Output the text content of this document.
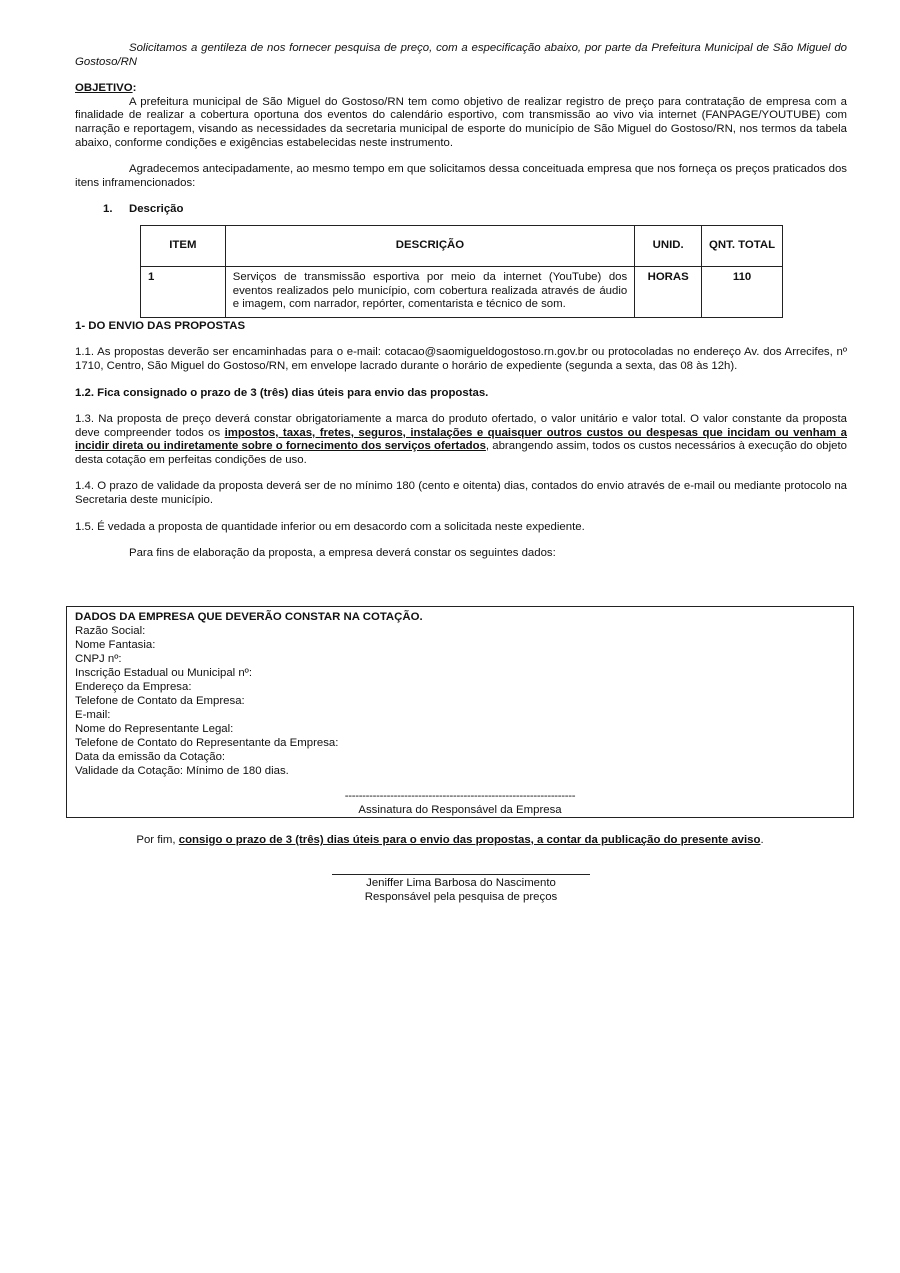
Solicitamos a gentileza de nos fornecer pesquisa de preço, com a especificação abaixo, por parte da Prefeitura Municipal de São Miguel do Gostoso/RN

OBJETIVO:

A prefeitura municipal de São Miguel do Gostoso/RN tem como objetivo de realizar registro de preço para contratação de empresa com a finalidade de realizar a cobertura oportuna dos eventos do calendário esportivo, com transmissão ao vivo via internet (FANPAGE/YOUTUBE) com narração e reportagem, visando as necessidades da secretaria municipal de esporte do município de São Miguel do Gostoso/RN, nos termos da tabela abaixo, conforme condições e exigências estabelecidas neste instrumento.

Agradecemos antecipadamente, ao mesmo tempo em que solicitamos dessa conceituada empresa que nos forneça os preços praticados dos itens inframencionados:

1. Descrição

ITEM	DESCRIÇÃO	UNID.	QNT. TOTAL
1	Serviços de transmissão esportiva por meio da internet (YouTube) dos eventos realizados pelo município, com cobertura realizada através de áudio e imagem, com narrador, repórter, comentarista e técnico de som.	HORAS	110

1- DO ENVIO DAS PROPOSTAS

1.1. As propostas deverão ser encaminhadas para o e-mail: cotacao@saomigueldogostoso.rn.gov.br ou protocoladas no endereço Av. dos Arrecifes, nº 1710, Centro, São Miguel do Gostoso/RN, em envelope lacrado durante o horário de expediente (segunda a sexta, das 08 às 12h).

1.2. Fica consignado o prazo de 3 (três) dias úteis para envio das propostas.

1.3. Na proposta de preço deverá constar obrigatoriamente a marca do produto ofertado, o valor unitário e valor total. O valor constante da proposta deve compreender todos os impostos, taxas, fretes, seguros, instalações e quaisquer outros custos ou despesas que incidam ou venham a incidir direta ou indiretamente sobre o fornecimento dos serviços ofertados, abrangendo assim, todos os custos necessários à execução do objeto desta cotação em perfeitas condições de uso.

1.4. O prazo de validade da proposta deverá ser de no mínimo 180 (cento e oitenta) dias, contados do envio através de e-mail ou mediante protocolo na Secretaria deste município.

1.5. É vedada a proposta de quantidade inferior ou em desacordo com a solicitada neste expediente.

Para fins de elaboração da proposta, a empresa deverá constar os seguintes dados:

DADOS DA EMPRESA QUE DEVERÃO CONSTAR NA COTAÇÃO.
Razão Social:
Nome Fantasia:
CNPJ nº:
Inscrição Estadual ou Municipal nº:
Endereço da Empresa:
Telefone de Contato da Empresa:
E-mail:
Nome do Representante Legal:
Telefone de Contato do Representante da Empresa:
Data da emissão da Cotação:
Validade da Cotação: Mínimo de 180 dias.
------------------------------------------------------------------
Assinatura do Responsável da Empresa
Por fim, consigo o prazo de 3 (três) dias úteis para o envio das propostas, a contar da publicação do presente aviso.
Jeniffer Lima Barbosa do Nascimento
Responsável pela pesquisa de preços
